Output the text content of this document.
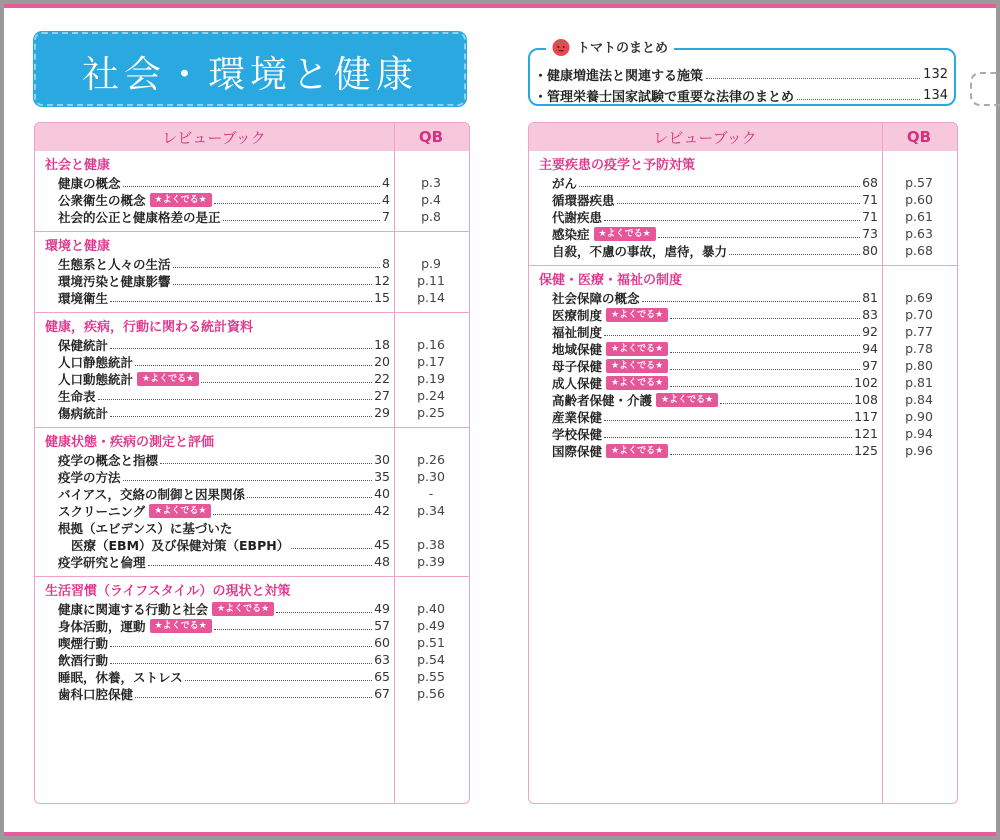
社会・環境と健康
トマトのまとめ
・健康増進法と関連する施策	132
・管理栄養士国家試験で重要な法律のまとめ	134
レビューブック	QB
社会と健康
健康の概念	4	p.3
公衆衛生の概念	★よくでる★	4	p.4
社会的公正と健康格差の是正	7	p.8
環境と健康
生態系と人々の生活	8	p.9
環境汚染と健康影響	12	p.11
環境衛生	15	p.14
健康，疾病，行動に関わる統計資料
保健統計	18	p.16
人口静態統計	20	p.17
人口動態統計	★よくでる★	22	p.19
生命表	27	p.24
傷病統計	29	p.25
健康状態・疾病の測定と評価
疫学の概念と指標	30	p.26
疫学の方法	35	p.30
バイアス，交絡の制御と因果関係	40	-
スクリーニング	★よくでる★	42	p.34
根拠（エビデンス）に基づいた
医療（EBM）及び保健対策（EBPH）	45	p.38
疫学研究と倫理	48	p.39
生活習慣（ライフスタイル）の現状と対策
健康に関連する行動と社会	★よくでる★	49	p.40
身体活動，運動	★よくでる★	57	p.49
喫煙行動	60	p.51
飲酒行動	63	p.54
睡眠，休養，ストレス	65	p.55
歯科口腔保健	67	p.56
レビューブック	QB
主要疾患の疫学と予防対策
がん	68	p.57
循環器疾患	71	p.60
代謝疾患	71	p.61
感染症	★よくでる★	73	p.63
自殺，不慮の事故，虐待，暴力	80	p.68
保健・医療・福祉の制度
社会保障の概念	81	p.69
医療制度	★よくでる★	83	p.70
福祉制度	92	p.77
地域保健	★よくでる★	94	p.78
母子保健	★よくでる★	97	p.80
成人保健	★よくでる★	102	p.81
高齢者保健・介護	★よくでる★	108	p.84
産業保健	117	p.90
学校保健	121	p.94
国際保健	★よくでる★	125	p.96
